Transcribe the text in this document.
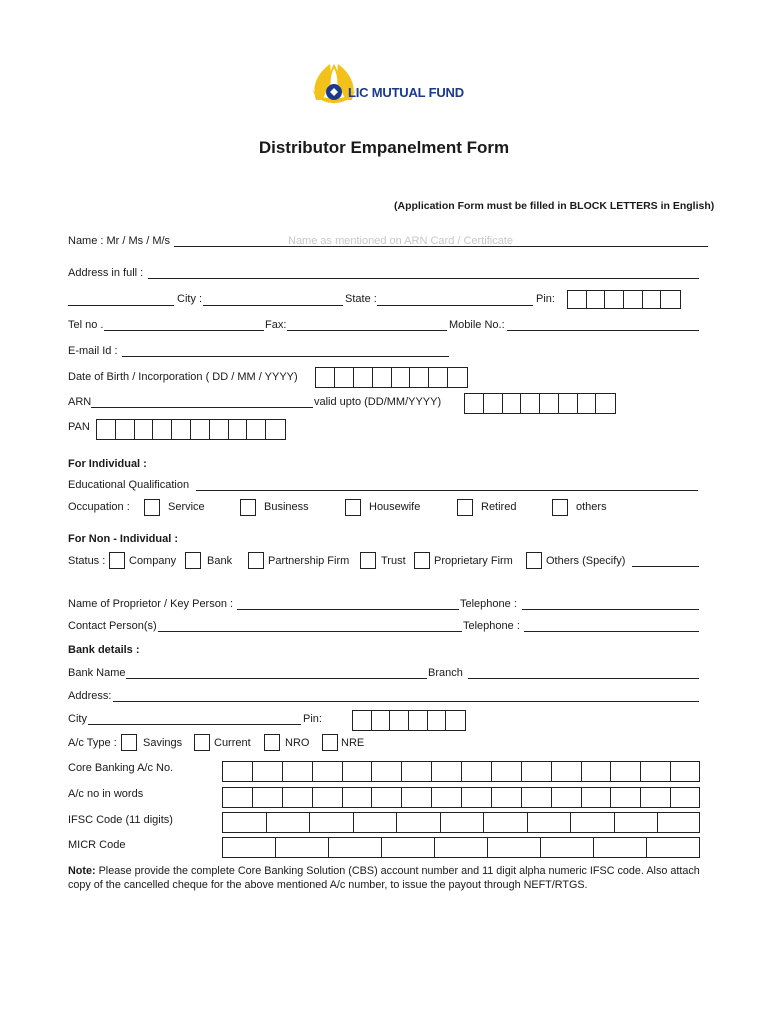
LIC MUTUAL FUND
Distributor Empanelment Form
(Application Form must be filled in BLOCK LETTERS in English)
Name : Mr / Ms / M/s	Name as mentioned on ARN Card / Certificate
Address in full :
City :	State :	Pin:
Tel no .	Fax:	Mobile No.:
E-mail Id :
Date of Birth / Incorporation ( DD / MM / YYYY)
ARN	valid upto (DD/MM/YYYY)
PAN
For Individual :
Educational Qualification
Occupation :	Service	Business	Housewife	Retired	others
For Non - Individual :
Status : Company	Bank	Partnership Firm	Trust	Proprietary Firm	Others (Specify)
Name of Proprietor / Key Person :	Telephone :
Contact Person(s)	Telephone :
Bank details :
Bank Name	Branch
Address:
City	Pin:
A/c Type : Savings	Current	NRO	NRE
Core Banking A/c No.
A/c no in words
IFSC Code (11 digits)
MICR Code
Note: Please provide the complete Core Banking Solution (CBS) account number and 11 digit alpha numeric IFSC code. Also attach copy of the cancelled cheque for the above mentioned A/c number, to issue the payout through NEFT/RTGS.
